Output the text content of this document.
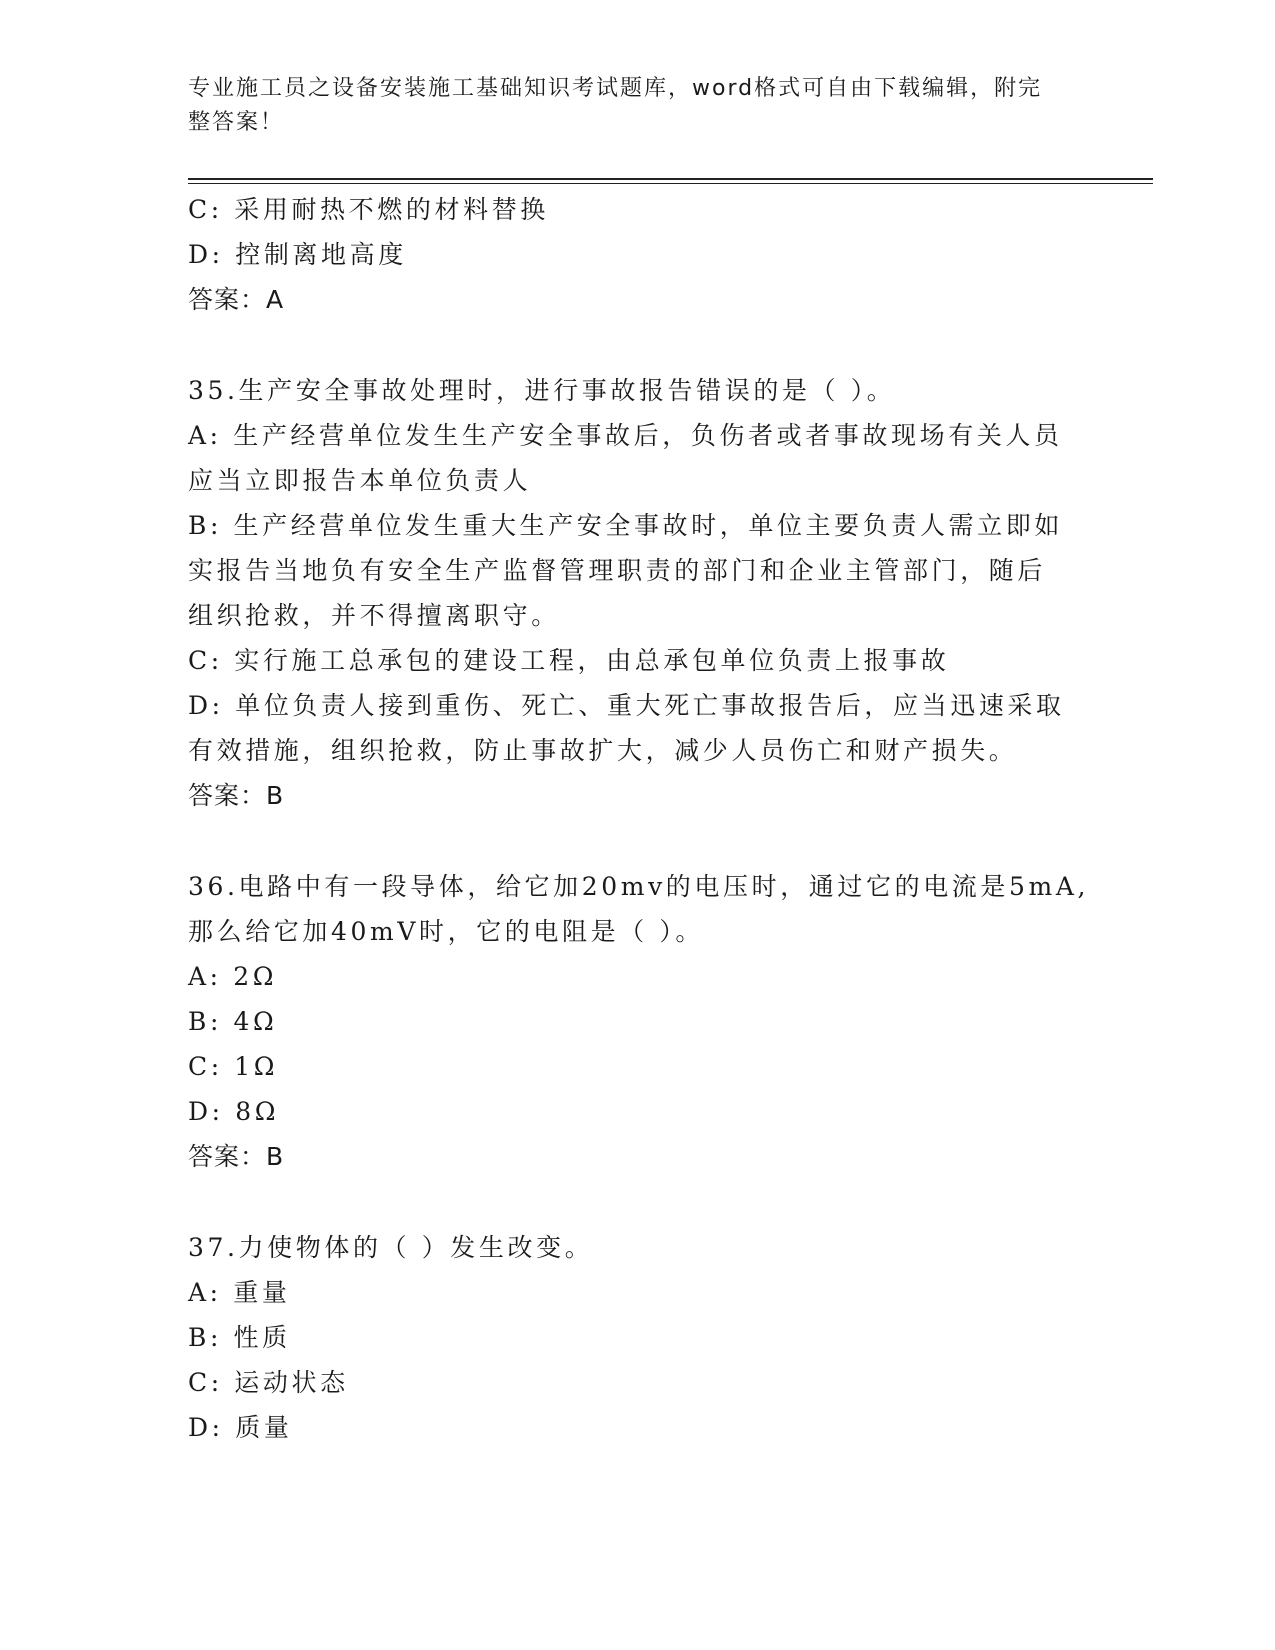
专业施工员之设备安装施工基础知识考试题库，word格式可自由下载编辑，附完
整答案！
C: 采用耐热不燃的材料替换
D: 控制离地高度
答案：A
35.生产安全事故处理时，进行事故报告错误的是（ ）。
A: 生产经营单位发生生产安全事故后，负伤者或者事故现场有关人员
应当立即报告本单位负责人
B: 生产经营单位发生重大生产安全事故时，单位主要负责人需立即如
实报告当地负有安全生产监督管理职责的部门和企业主管部门，随后
组织抢救，并不得擅离职守。
C: 实行施工总承包的建设工程，由总承包单位负责上报事故
D: 单位负责人接到重伤、死亡、重大死亡事故报告后，应当迅速采取
有效措施，组织抢救，防止事故扩大，减少人员伤亡和财产损失。
答案：B
36.电路中有一段导体，给它加20mv的电压时，通过它的电流是5mA,
那么给它加40mV时，它的电阻是（ ）。
A: 2Ω
B: 4Ω
C: 1Ω
D: 8Ω
答案：B
37.力使物体的（ ）发生改变。
A: 重量
B: 性质
C: 运动状态
D: 质量
